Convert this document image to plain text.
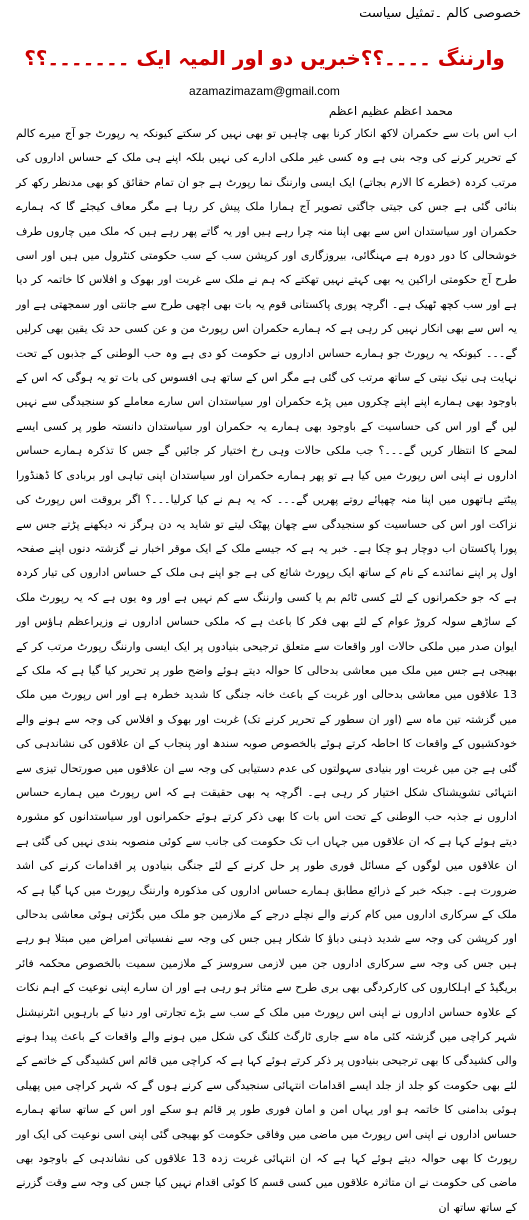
خصوصی کالم ۔تمثیل سیاست
وارننگ ۔۔۔۔؟؟خبریں دو اور المیہ ایک ۔۔۔۔۔۔۔؟؟
azamazimazam@gmail.com
محمد اعظم عظیم اعظم

اب اس بات سے حکمران لاکھ انکار کرنا بھی چاہیں تو بھی نہیں کر سکتے کیونکہ یہ رپورٹ جو آج میرے کالم کے تحریر کرنے کی وجہ بنی ہے وہ کسی غیر ملکی ادارے کی نہیں بلکہ اپنے ہی ملک کے حساس اداروں کی مرتب کردہ (خطرے کا الارم بجاتے) ایک ایسی وارننگ نما رپورٹ ہے جو ان تمام حقائق کو بھی مدنظر رکھ کر بنائی گئی ہے جس کی جیتی جاگتی تصویر آج ہمارا ملک پیش کر رہا ہے مگر معاف کیجئے گا کہ ہمارے حکمران اور سیاستدان اس سے بھی اپنا منہ چرا رہے ہیں اور یہ گاتے پھر رہے ہیں کہ ملک میں چاروں طرف خوشحالی کا دور دورہ ہے مہنگائی، بیروزگاری اور کرپشن سب کے سب حکومتی کنٹرول میں ہیں اور اسی طرح آج حکومتی اراکین یہ بھی کہتے نہیں تھکتے کہ ہم نے ملک سے غربت اور بھوک و افلاس کا خاتمہ کر دیا ہے اور سب کچھ ٹھیک ہے۔ اگرچہ پوری پاکستانی قوم یہ بات بھی اچھی طرح سے جانتی اور سمجھتی ہے اور یہ اس سے بھی انکار نہیں کر رہی ہے کہ ہمارے حکمران اس رپورٹ من و عن کسی حد تک یقین بھی کرلیں گے۔۔۔ کیونکہ یہ رپورٹ جو ہمارے حساس اداروں نے حکومت کو دی ہے وہ حب الوطنی کے جذبوں کے تحت نہایت ہی نیک نیتی کے ساتھ مرتب کی گئی ہے مگر اس کے ساتھ ہی افسوس کی بات تو یہ ہوگی کہ اس کے باوجود بھی ہمارے اپنے اپنے چکروں میں پڑے حکمران اور سیاستدان اس سارے معاملے کو سنجیدگی سے نہیں لیں گے اور اس کی حساسیت کے باوجود بھی ہمارے یہ حکمران اور سیاستدان دانستہ طور پر کسی ایسے لمحے کا انتظار کریں گے۔۔۔؟ جب ملکی حالات وہی رخ اختیار کر جائیں گے جس کا تذکرہ ہمارے حساس اداروں نے اپنی اس رپورٹ میں کیا ہے تو پھر ہمارے حکمران اور سیاستدان اپنی تباہی اور بربادی کا ڈھنڈورا پیٹتے ہاتھوں میں اپنا منہ چھپائے روتے پھریں گے۔۔۔ کہ یہ ہم نے کیا کرلیا۔۔۔؟ اگر بروقت اس رپورٹ کی نزاکت اور اس کی حساسیت کو سنجیدگی سے چھان پھٹک لیتے تو شاید یہ دن ہرگز نہ دیکھنے پڑتے جس سے پورا پاکستان اب دوچار ہو چکا ہے۔ خبر یہ ہے کہ جیسے ملک کے ایک موقر اخبار نے گزشتہ دنوں اپنے صفحہ اول پر اپنے نمائندے کے نام کے ساتھ ایک رپورٹ شائع کی ہے جو اپنے ہی ملک کے حساس اداروں کی تیار کردہ ہے کہ جو حکمرانوں کے لئے کسی ٹائم بم یا کسی وارننگ سے کم نہیں ہے اور وہ یوں ہے کہ یہ رپورٹ ملک کے ساڑھے سولہ کروڑ عوام کے لئے بھی فکر کا باعث ہے کہ ملکی حساس اداروں نے وزیراعظم ہاؤس اور ایوان صدر میں ملکی حالات اور واقعات سے متعلق ترجیحی بنیادوں پر ایک ایسی وارننگ رپورٹ مرتب کر کے بھیجی ہے جس میں ملک میں معاشی بدحالی کا حوالہ دیتے ہوئے واضح طور پر تحریر کیا گیا ہے کہ ملک کے 13 علاقوں میں معاشی بدحالی اور غربت کے باعث خانہ جنگی کا شدید خطرہ ہے اور اس رپورٹ میں ملک میں گزشتہ تین ماہ سے (اور ان سطور کے تحریر کرنے تک) غربت اور بھوک و افلاس کی وجہ سے ہونے والے خودکشیوں کے واقعات کا احاطہ کرتے ہوئے بالخصوص صوبہ سندھ اور پنجاب کے ان علاقوں کی نشاندہی کی گئی ہے جن میں غربت اور بنیادی سہولتوں کی عدم دستیابی کی وجہ سے ان علاقوں میں صورتحال تیزی سے انتہائی تشویشناک شکل اختیار کر رہی ہے۔ اگرچہ یہ بھی حقیقت ہے کہ اس رپورٹ میں ہمارے حساس اداروں نے جذبہ حب الوطنی کے تحت اس بات کا بھی ذکر کرتے ہوئے حکمرانوں اور سیاستدانوں کو مشورہ دیتے ہوئے کہا ہے کہ ان علاقوں میں جہاں اب تک حکومت کی جانب سے کوئی منصوبہ بندی نہیں کی گئی ہے ان علاقوں میں لوگوں کے مسائل فوری طور پر حل کرنے کے لئے جنگی بنیادوں پر اقدامات کرنے کی اشد ضرورت ہے۔ جبکہ خبر کے ذرائع مطابق ہمارے حساس اداروں کی مذکورہ وارننگ رپورٹ میں کہا گیا ہے کہ ملک کے سرکاری اداروں میں کام کرنے والے نچلے درجے کے ملازمین جو ملک میں بگڑتی ہوئی معاشی بدحالی اور کرپشن کی وجہ سے شدید ذہنی دباؤ کا شکار ہیں جس کی وجہ سے نفسیاتی امراض میں مبتلا ہو رہے ہیں جس کی وجہ سے سرکاری اداروں جن میں لازمی سروسز کے ملازمین سمیت بالخصوص محکمہ فائر بریگیڈ کے اہلکاروں کی کارکردگی بھی بری طرح سے متاثر ہو رہی ہے اور ان سارے اپنی نوعیت کے اہم نکات کے علاوہ حساس اداروں نے اپنی اس رپورٹ میں ملک کے سب سے بڑے تجارتی اور دنیا کے بارہویں انٹرنیشنل شہر کراچی میں گزشتہ کئی ماہ سے جاری ٹارگٹ کلنگ کی شکل میں ہونے والے واقعات کے باعث پیدا ہونے والی کشیدگی کا بھی ترجیحی بنیادوں پر ذکر کرتے ہوئے کہا ہے کہ کراچی میں قائم اس کشیدگی کے خاتمے کے لئے بھی حکومت کو جلد از جلد ایسے اقدامات انتہائی سنجیدگی سے کرنے ہوں گے کہ شہر کراچی میں پھیلی ہوئی بدامنی کا خاتمہ ہو اور یہاں امن و امان فوری طور پر قائم ہو سکے اور اس کے ساتھ ساتھ ہمارے حساس اداروں نے اپنی اس رپورٹ میں ماضی میں وفاقی حکومت کو بھیجی گئی اپنی اسی نوعیت کی ایک اور رپورٹ کا بھی حوالہ دیتے ہوئے کہا ہے کہ ان انتہائی غربت زدہ 13 علاقوں کی نشاندہی کے باوجود بھی ماضی کی حکومت نے ان متاثرہ علاقوں میں کسی قسم کا کوئی اقدام نہیں کیا جس کی وجہ سے وقت گزرنے کے ساتھ ساتھ ان
